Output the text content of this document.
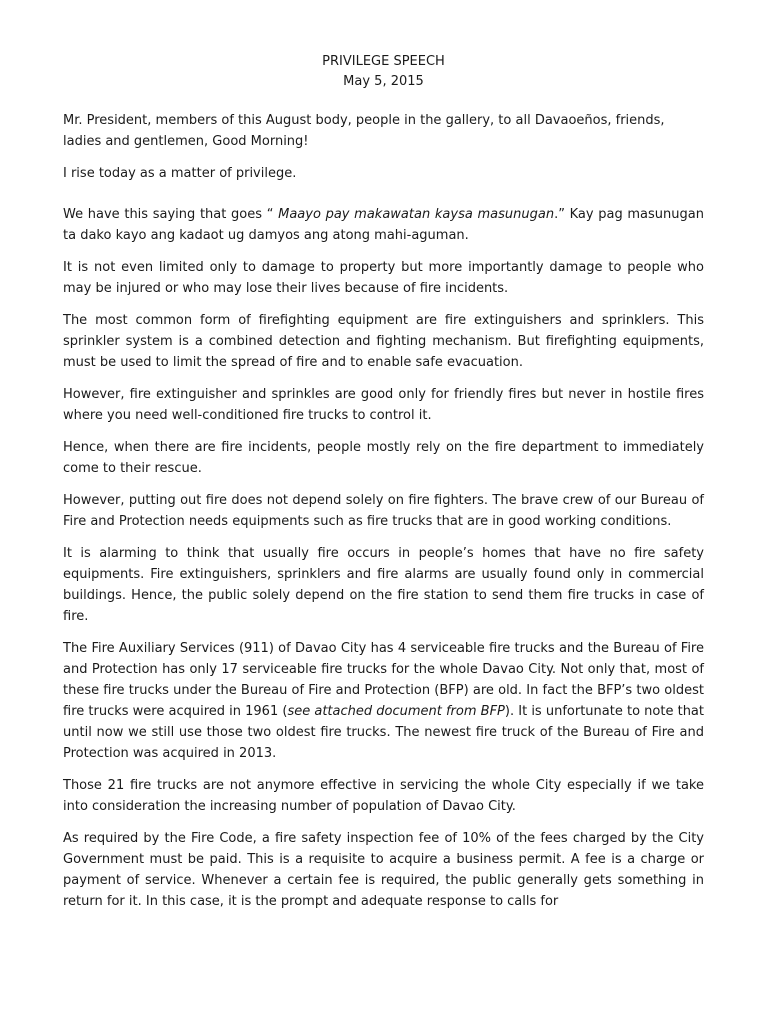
PRIVILEGE SPEECH

May 5, 2015

Mr. President, members of this August body, people in the gallery, to all Davaoeños, friends, ladies and gentlemen, Good Morning!

I rise today as a matter of privilege.

We have this saying that goes “ Maayo pay makawatan kaysa masunugan.” Kay pag masunugan ta dako kayo ang kadaot ug damyos ang atong mahi-aguman.

It is not even limited only to damage to property but more importantly damage to people who may be injured or who may lose their lives because of fire incidents.

The most common form of firefighting equipment are fire extinguishers and sprinklers. This sprinkler system is a combined detection and fighting mechanism. But firefighting equipments, must be used to limit the spread of fire and to enable safe evacuation.

However, fire extinguisher and sprinkles are good only for friendly fires but never in hostile fires where you need well-conditioned fire trucks to control it.

Hence, when there are fire incidents, people mostly rely on the fire department to immediately come to their rescue.

However, putting out fire does not depend solely on fire fighters. The brave crew of our Bureau of Fire and Protection needs equipments such as fire trucks that are in good working conditions.

It is alarming to think that usually fire occurs in people’s homes that have no fire safety equipments. Fire extinguishers, sprinklers and fire alarms are usually found only in commercial buildings. Hence, the public solely depend on the fire station to send them fire trucks in case of fire.

The Fire Auxiliary Services (911) of Davao City has 4 serviceable fire trucks and the Bureau of Fire and Protection has only 17 serviceable fire trucks for the whole Davao City. Not only that, most of these fire trucks under the Bureau of Fire and Protection (BFP) are old. In fact the BFP’s two oldest fire trucks were acquired in 1961 (see attached document from BFP). It is unfortunate to note that until now we still use those two oldest fire trucks. The newest fire truck of the Bureau of Fire and Protection was acquired in 2013.

Those 21 fire trucks are not anymore effective in servicing the whole City especially if we take into consideration the increasing number of population of Davao City.

As required by the Fire Code, a fire safety inspection fee of 10% of the fees charged by the City Government must be paid. This is a requisite to acquire a business permit. A fee is a charge or payment of service. Whenever a certain fee is required, the public generally gets something in return for it. In this case, it is the prompt and adequate response to calls for
